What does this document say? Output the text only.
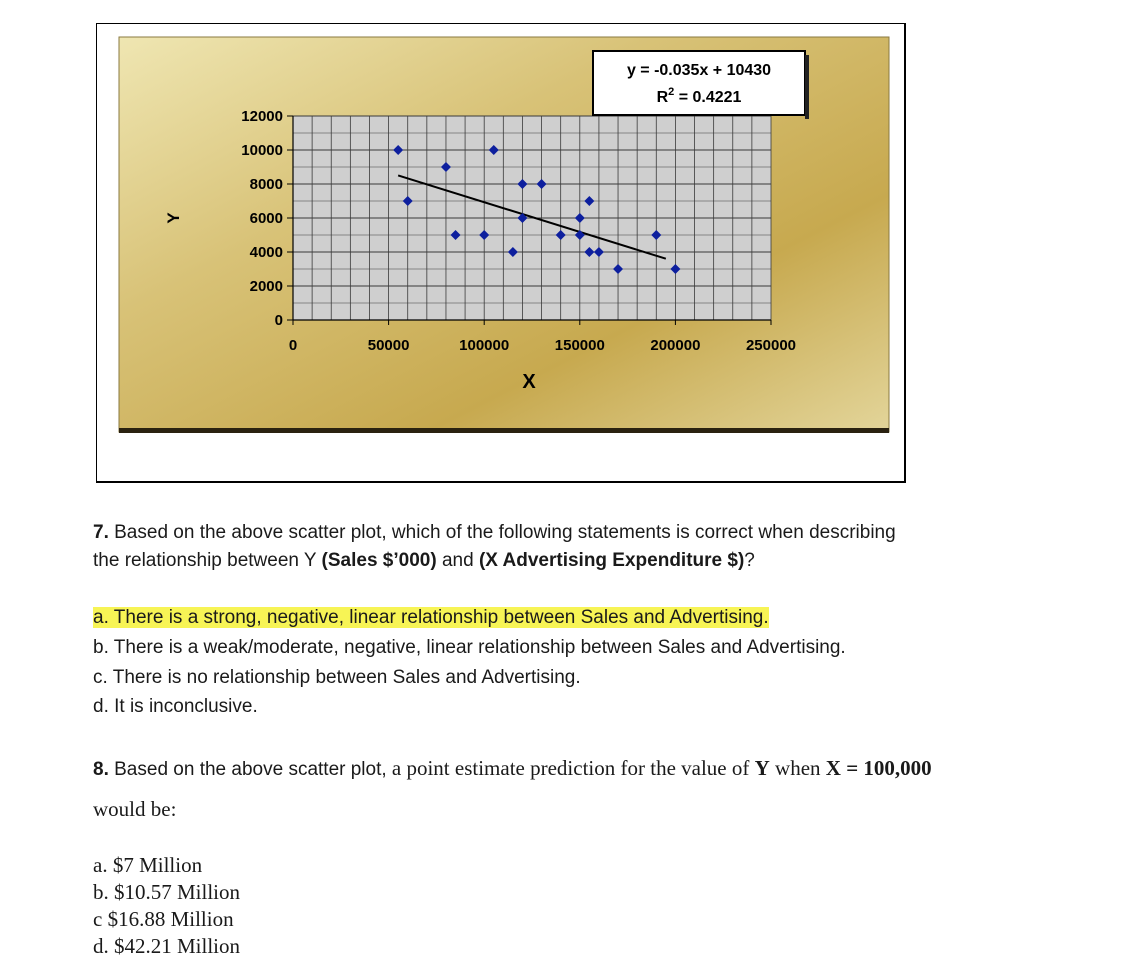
0
2000
4000
6000
8000
10000
12000
0	50000	100000	150000	200000	250000
X
Y
y = -0.035x + 10430
$R^2 = 0.4221$
7. Based on the above scatter plot, which of the following statements is correct when describing
the relationship between Y (Sales $’000) and (X Advertising Expenditure $)?
a. There is a strong, negative, linear relationship between Sales and Advertising.
b. There is a weak/moderate, negative, linear relationship between Sales and Advertising.
c. There is no relationship between Sales and Advertising.
d. It is inconclusive.
8. Based on the above scatter plot, a point estimate prediction for the value of Y when X = 100,000
would be:
a. $7 Million
b. $10.57 Million
c $16.88 Million
d. $42.21 Million
